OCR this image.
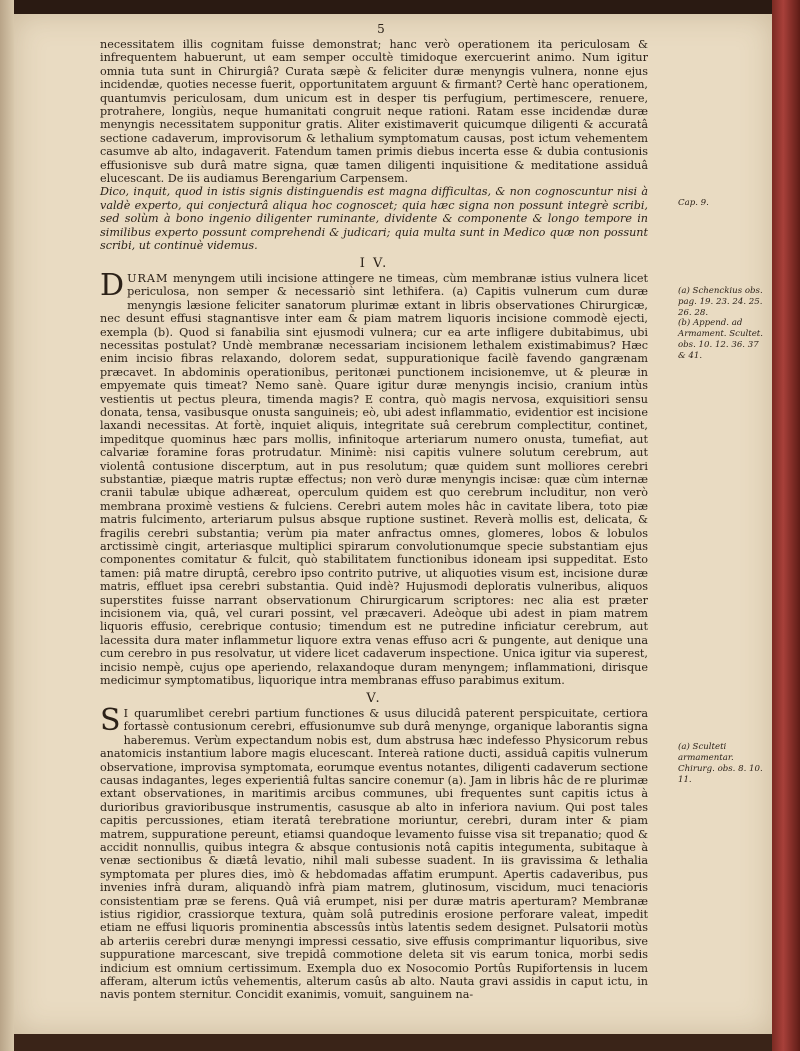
5

necessitatem illis cognitam fuisse demonstrat; hanc verò operationem ita periculosam & infrequentem habuerunt, ut eam semper occultè timidoque exercuerint animo. Num igitur omnia tuta sunt in Chirurgiâ? Curata sæpè & feliciter duræ menyngis vulnera, nonne ejus incidendæ, quoties necesse fuerit, opportunitatem arguunt & firmant? Certè hanc operationem, quantumvis periculosam, dum unicum est in desper tis perfugium, pertimescere, renuere, protrahere, longiùs, neque humanitati congruit neque rationi. Ratam esse incidendæ duræ menyngis necessitatem supponitur gratis. Aliter existimaverit quicumque diligenti & accuratâ sectione cadaverum, improvisorum & lethalium symptomatum causas, post ictum vehementem casumve ab alto, indagaverit. Fatendum tamen primis diebus incerta esse & dubia contusionis effusionisve sub durâ matre signa, quæ tamen diligenti inquisitione & meditatione assiduâ elucescant. De iis audiamus Berengarium Carpensem.

Dico, inquit, quod in istis signis distinguendis est magna difficultas, & non cognoscuntur nisi à valdè experto, qui conjecturâ aliqua hoc cognoscet; quia hæc signa non possunt integrè scribi, sed solùm à bono ingenio diligenter ruminante, dividente & componente & longo tempore in similibus experto possunt comprehendi & judicari; quia multa sunt in Medico quæ non possunt scribi, ut continuè videmus.

I V.

DURAM menyngem utili incisione attingere ne timeas, cùm membranæ istius vulnera licet periculosa, non semper & necessariò sint lethifera. (a) Capitis vulnerum cum duræ menyngis læsione feliciter sanatorum plurimæ extant in libris observationes Chirurgicæ, nec desunt effusi stagnantisve inter eam & piam matrem liquoris incisione commodè ejecti, exempla (b). Quod si fanabilia sint ejusmodi vulnera; cur ea arte infligere dubitabimus, ubi necessitas postulat? Undè membranæ necessariam incisionem lethalem existimabimus? Hæc enim incisio fibras relaxando, dolorem sedat, suppurationique facilè favendo gangrænam præcavet. In abdominis operationibus, peritonæi punctionem incisionemve, ut & pleuræ in empyemate quis timeat? Nemo sanè. Quare igitur duræ menyngis incisio, cranium intùs vestientis ut pectus pleura, timenda magis? E contra, quò magis nervosa, exquisitiori sensu donata, tensa, vasibusque onusta sanguineis; eò, ubi adest inflammatio, evidentior est incisione laxandi necessitas. At fortè, inquiet aliquis, integritate suâ cerebrum complectitur, continet, impeditque quominus hæc pars mollis, infinitoque arteriarum numero onusta, tumefiat, aut calvariæ foramine foras protrudatur. Minimè: nisi capitis vulnere solutum cerebrum, aut violentâ contusione discerptum, aut in pus resolutum; quæ quidem sunt molliores cerebri substantiæ, piæque matris ruptæ effectus; non verò duræ menyngis incisæ: quæ cùm internæ cranii tabulæ ubique adhæreat, operculum quidem est quo cerebrum includitur, non verò membrana proximè vestiens & fulciens. Cerebri autem moles hâc in cavitate libera, toto piæ matris fulcimento, arteriarum pulsus absque ruptione sustinet. Reverà mollis est, delicata, & fragilis cerebri substantia; verùm pia mater anfractus omnes, glomeres, lobos & lobulos arctissimè cingit, arteriasque multiplici spirarum convolutionumque specie substantiam ejus componentes comitatur & fulcit, quò stabilitatem functionibus idoneam ipsi suppeditat. Esto tamen: piâ matre diruptâ, cerebro ipso contrito putrive, ut aliquoties visum est, incisione duræ matris, effluet ipsa cerebri substantia. Quid indè? Hujusmodi deploratis vulneribus, aliquos superstites fuisse narrant observationum Chirurgicarum scriptores: nec alia est præter incisionem via, quâ, vel curari possint, vel præcaveri. Adeòque ubi adest in piam matrem liquoris effusio, cerebrique contusio; timendum est ne putredine inficiatur cerebrum, aut lacessita dura mater inflammetur liquore extra venas effuso acri & pungente, aut denique una cum cerebro in pus resolvatur, ut videre licet cadaverum inspectione. Unica igitur via superest, incisio nempè, cujus ope aperiendo, relaxandoque duram menyngem; inflammationi, dirisque medicimur symptomatibus, liquorique intra membranas effuso parabimus exitum.

V.

S I quarumlibet cerebri partium functiones & usus dilucidâ paterent perspicuitate, certiora fortassè contusionum cerebri, effusionumve sub durâ menynge, organique laborantis signa haberemus. Verùm expectandum nobis est, dum abstrusa hæc indefesso Physicorum rebus anatomicis instantium labore magis elucescant. Intereà ratione ducti, assiduâ capitis vulnerum observatione, improvisa symptomata, eorumque eventus notantes, diligenti cadaverum sectione causas indagantes, leges experientiâ fultas sancire conemur (a). Jam in libris hâc de re plurimæ extant observationes, in maritimis arcibus communes, ubi frequentes sunt capitis ictus à durioribus gravioribusque instrumentis, casusque ab alto in inferiora navium. Qui post tales capitis percussiones, etiam iteratâ terebratione moriuntur, cerebri, duram inter & piam matrem, suppuratione pereunt, etiamsi quandoque levamento fuisse visa sit trepanatio; quod & accidit nonnullis, quibus integra & absque contusionis notâ capitis integumenta, subitaque à venæ sectionibus & diætâ levatio, nihil mali subesse suadent. In iis gravissima & lethalia symptomata per plures dies, imò & hebdomadas affatim erumpunt. Apertis cadaveribus, pus invenies infrà duram, aliquandò infrà piam matrem, glutinosum, viscidum, muci tenacioris consistentiam præ se ferens. Quâ viâ erumpet, nisi per duræ matris aperturam? Membranæ istius rigidior, crassiorque textura, quàm solâ putredinis erosione perforare valeat, impedit etiam ne effusi liquoris prominentia abscessûs intùs latentis sedem designet. Pulsatorii motùs ab arteriis cerebri duræ menyngi impressi cessatio, sive effusis comprimantur liquoribus, sive suppuratione marcescant, sive trepidâ commotione deleta sit vis earum tonica, morbi sedis indicium est omnium certissimum. Exempla duo ex Nosocomio Portûs Rupifortensis in lucem afferam, alterum ictûs vehementis, alterum casûs ab alto. Nauta gravi assidis in caput ictu, in navis pontem sternitur. Concidit exanimis, vomuit, sanguinem na-

Cap. 9.
(a) Schenckius obs. pag. 19. 23. 24. 25. 26. 28.
(b) Append. ad Armament. Scultet. obs. 10. 12. 36. 37 & 41.
(a) Sculteti armamentar. Chirurg. obs. 8. 10. 11.
